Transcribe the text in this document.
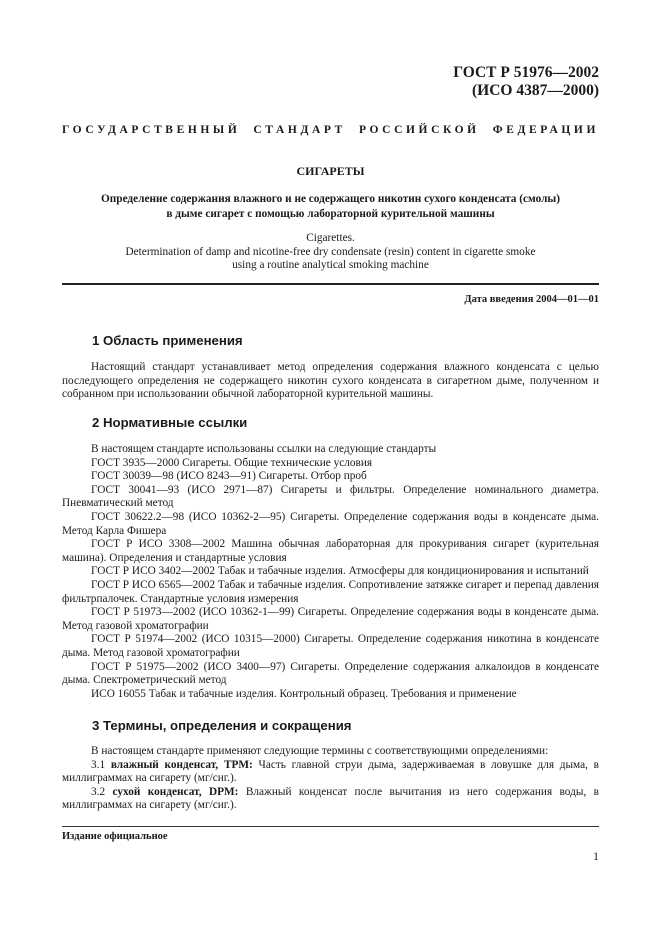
ГОСТ Р 51976—2002
(ИСО 4387—2000)
ГОСУДАРСТВЕННЫЙ СТАНДАРТ РОССИЙСКОЙ ФЕДЕРАЦИИ
СИГАРЕТЫ
Определение содержания влажного и не содержащего никотин сухого конденсата (смолы)
в дыме сигарет с помощью лабораторной курительной машины
Cigarettes.
Determination of damp and nicotine-free dry condensate (resin) content in cigarette smoke
using a routine analytical smoking machine
Дата введения 2004—01—01
1 Область применения

Настоящий стандарт устанавливает метод определения содержания влажного конденсата с целью последующего определения не содержащего никотин сухого конденсата в сигаретном дыме, полученном и собранном при использовании обычной лабораторной курительной машины.

2 Нормативные ссылки

В настоящем стандарте использованы ссылки на следующие стандарты

ГОСТ 3935—2000 Сигареты. Общие технические условия

ГОСТ 30039—98 (ИСО 8243—91) Сигареты. Отбор проб

ГОСТ 30041—93 (ИСО 2971—87) Сигареты и фильтры. Определение номинального диаметра. Пневматический метод

ГОСТ 30622.2—98 (ИСО 10362-2—95) Сигареты. Определение содержания воды в конденсате дыма. Метод Карла Фишера

ГОСТ Р ИСО 3308—2002 Машина обычная лабораторная для прокуривания сигарет (курительная машина). Определения и стандартные условия

ГОСТ Р ИСО 3402—2002 Табак и табачные изделия. Атмосферы для кондиционирования и испытаний

ГОСТ Р ИСО 6565—2002 Табак и табачные изделия. Сопротивление затяжке сигарет и перепад давления фильтрпалочек. Стандартные условия измерения

ГОСТ Р 51973—2002 (ИСО 10362-1—99) Сигареты. Определение содержания воды в конденсате дыма. Метод газовой хроматографии

ГОСТ Р 51974—2002 (ИСО 10315—2000) Сигареты. Определение содержания никотина в конденсате дыма. Метод газовой хроматографии

ГОСТ Р 51975—2002 (ИСО 3400—97) Сигареты. Определение содержания алкалоидов в конденсате дыма. Спектрометрический метод

ИСО 16055 Табак и табачные изделия. Контрольный образец. Требования и применение

3 Термины, определения и сокращения

В настоящем стандарте применяют следующие термины с соответствующими определениями:

3.1 влажный конденсат, TPM: Часть главной струи дыма, задерживаемая в ловушке для дыма, в миллиграммах на сигарету (мг/сиг.).

3.2 сухой конденсат, DPM: Влажный конденсат после вычитания из него содержания воды, в миллиграммах на сигарету (мг/сиг.).

Издание официальное
1
